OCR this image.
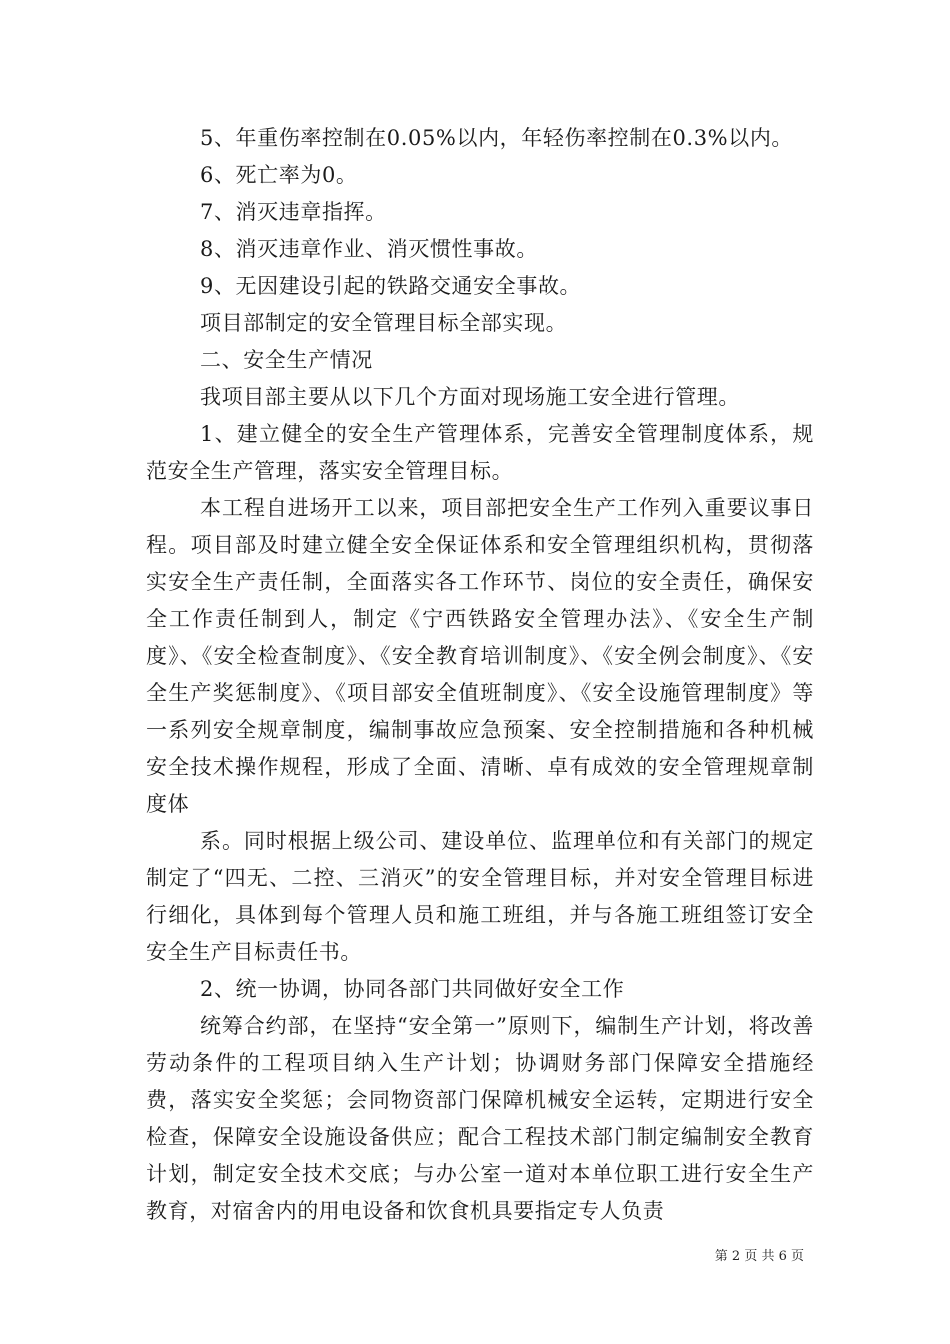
5、年重伤率控制在0.05%以内，年轻伤率控制在0.3%以内。

6、死亡率为0。

7、消灭违章指挥。

8、消灭违章作业、消灭惯性事故。

9、无因建设引起的铁路交通安全事故。

项目部制定的安全管理目标全部实现。

二、安全生产情况

我项目部主要从以下几个方面对现场施工安全进行管理。

1、建立健全的安全生产管理体系，完善安全管理制度体系，规范安全生产管理，落实安全管理目标。

本工程自进场开工以来，项目部把安全生产工作列入重要议事日程。项目部及时建立健全安全保证体系和安全管理组织机构，贯彻落实安全生产责任制，全面落实各工作环节、岗位的安全责任，确保安全工作责任制到人，制定《宁西铁路安全管理办法》、《安全生产制度》、《安全检查制度》、《安全教育培训制度》、《安全例会制度》、《安全生产奖惩制度》、《项目部安全值班制度》、《安全设施管理制度》等一系列安全规章制度，编制事故应急预案、安全控制措施和各种机械安全技术操作规程，形成了全面、清晰、卓有成效的安全管理规章制度体

系。同时根据上级公司、建设单位、监理单位和有关部门的规定制定了“四无、二控、三消灭”的安全管理目标，并对安全管理目标进行细化，具体到每个管理人员和施工班组，并与各施工班组签订安全安全生产目标责任书。

2、统一协调，协同各部门共同做好安全工作

统筹合约部，在坚持“安全第一”原则下，编制生产计划，将改善劳动条件的工程项目纳入生产计划；协调财务部门保障安全措施经费，落实安全奖惩；会同物资部门保障机械安全运转，定期进行安全检查，保障安全设施设备供应；配合工程技术部门制定编制安全教育计划，制定安全技术交底；与办公室一道对本单位职工进行安全生产教育，对宿舍内的用电设备和饮食机具要指定专人负责

第 2 页 共 6 页
